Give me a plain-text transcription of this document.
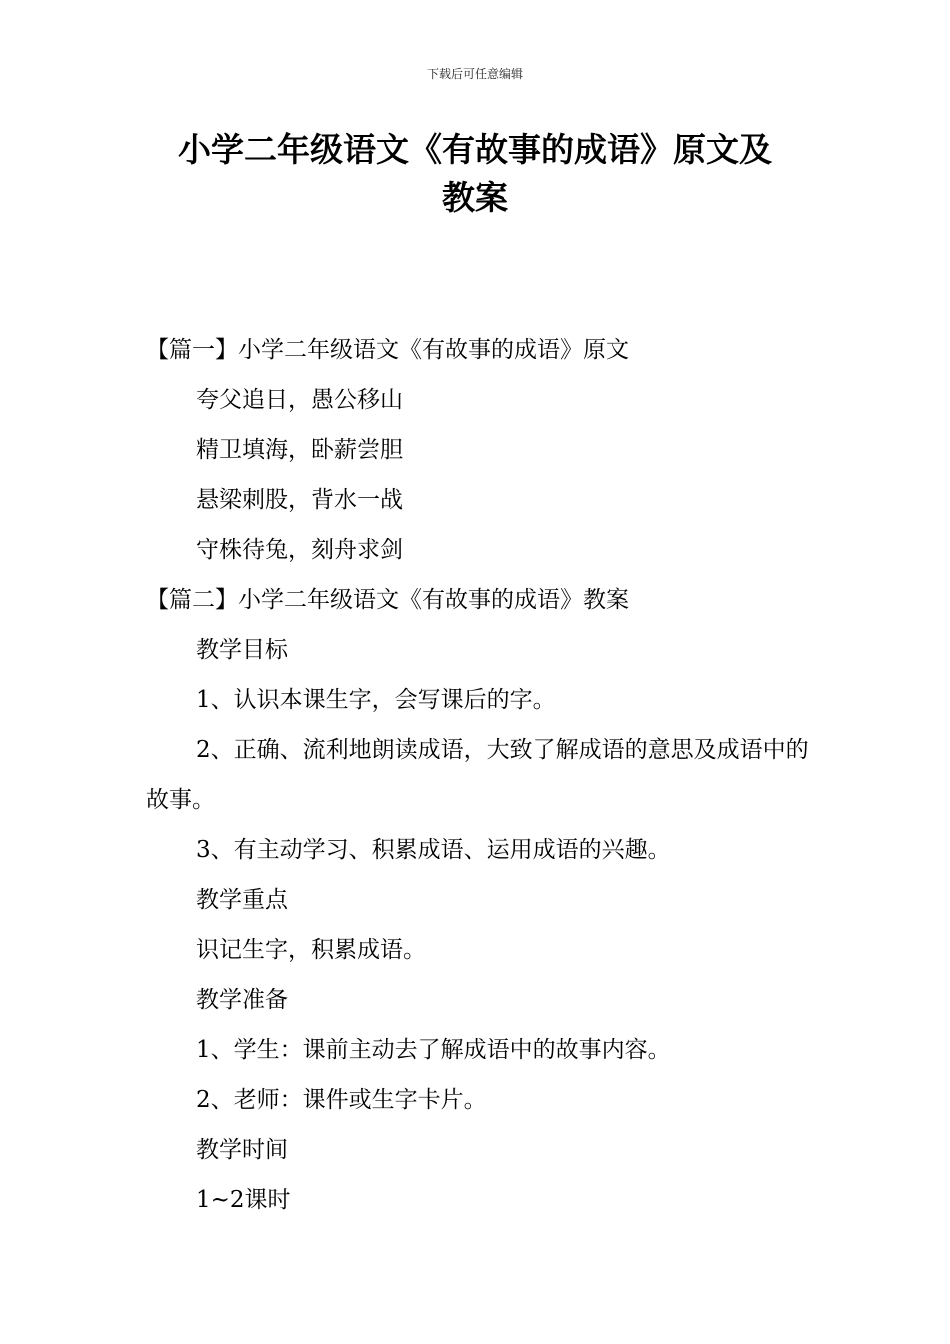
下载后可任意编辑
小学二年级语文《有故事的成语》原文及
教案

【篇一】小学二年级语文《有故事的成语》原文

夸父追日，愚公移山

精卫填海，卧薪尝胆

悬梁刺股，背水一战

守株待兔，刻舟求剑

【篇二】小学二年级语文《有故事的成语》教案

教学目标

1、认识本课生字，会写课后的字。

2、正确、流利地朗读成语，大致了解成语的意思及成语中的故事。

3、有主动学习、积累成语、运用成语的兴趣。

教学重点

识记生字，积累成语。

教学准备

1、学生：课前主动去了解成语中的故事内容。

2、老师：课件或生字卡片。

教学时间

1~2课时
